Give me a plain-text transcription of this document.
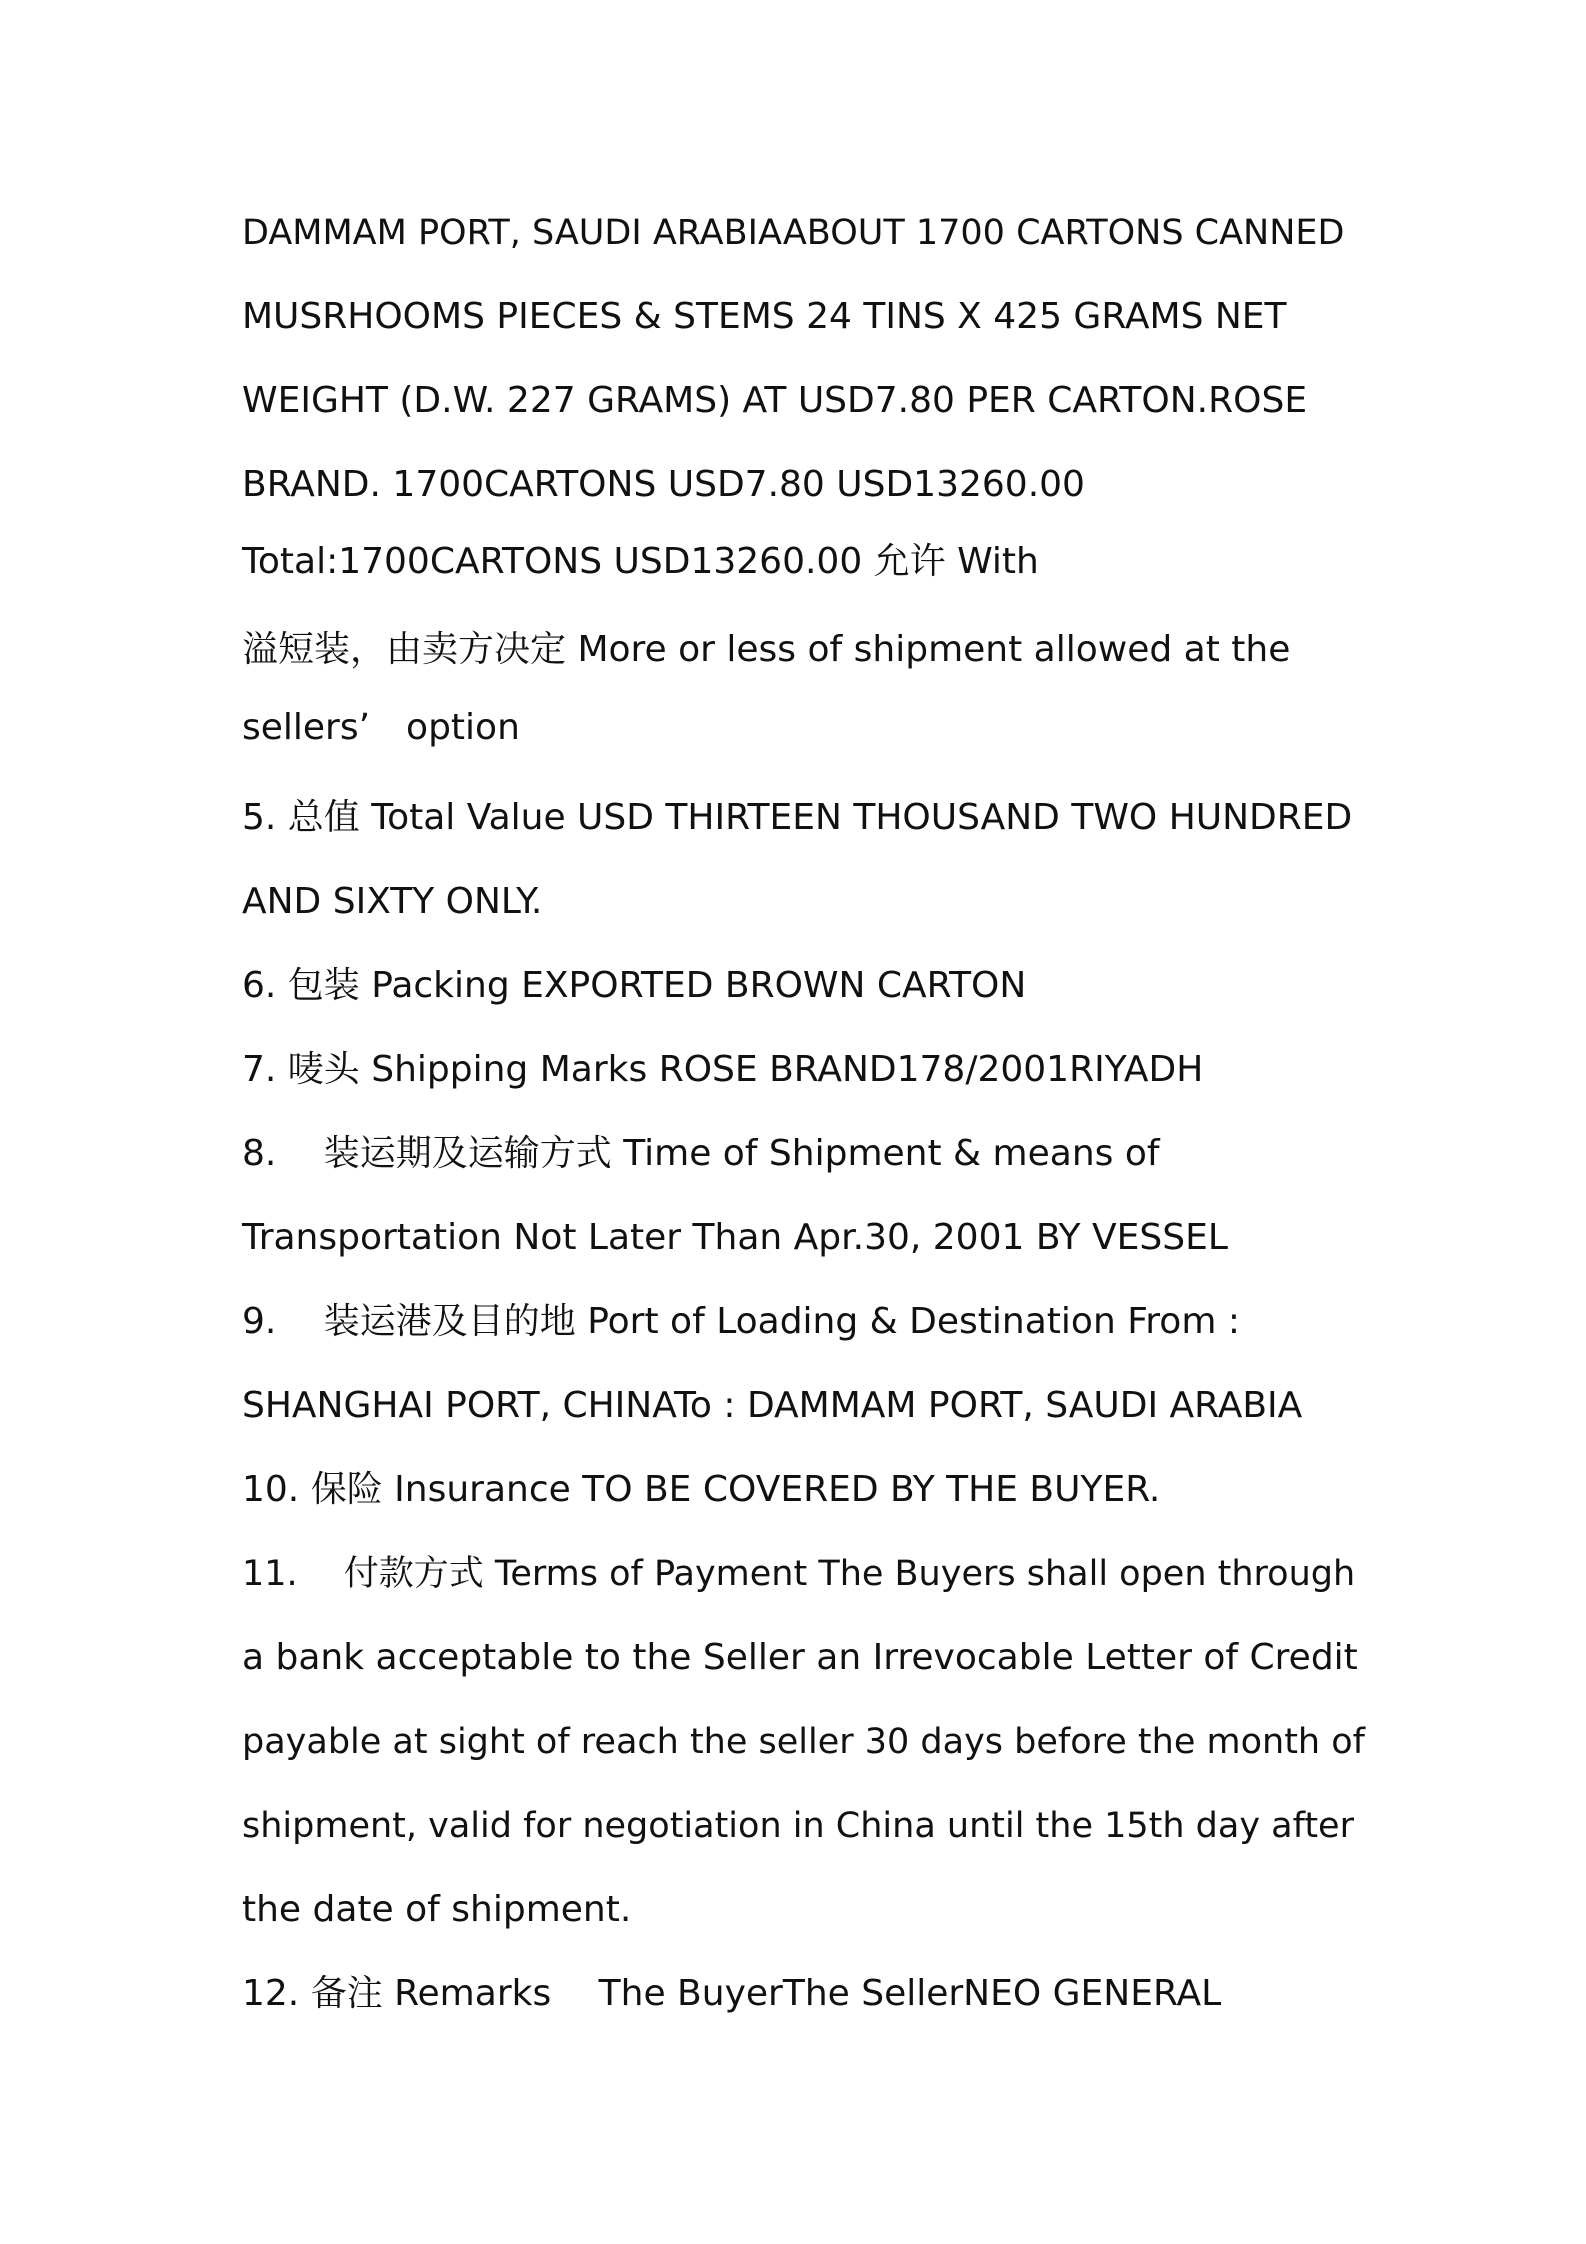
DAMMAM PORT, SAUDI ARABIAABOUT 1700 CARTONS CANNED
MUSRHOOMS PIECES & STEMS 24 TINS X 425 GRAMS NET
WEIGHT (D.W. 227 GRAMS) AT USD7.80 PER CARTON.ROSE
BRAND. 1700CARTONS USD7.80 USD13260.00
Total:1700CARTONS USD13260.00 允许 With
溢短装，由卖方决定 More or less of shipment allowed at the
sellers’　option
5. 总值 Total Value USD THIRTEEN THOUSAND TWO HUNDRED
AND SIXTY ONLY.
6. 包装 Packing EXPORTED BROWN CARTON
7. 唛头 Shipping Marks ROSE BRAND178/2001RIYADH
8.　 装运期及运输方式 Time of Shipment & means of
Transportation Not Later Than Apr.30, 2001 BY VESSEL
9.　 装运港及目的地 Port of Loading & Destination From :
SHANGHAI PORT, CHINATo : DAMMAM PORT, SAUDI ARABIA
10. 保险 Insurance TO BE COVERED BY THE BUYER.
11.　 付款方式 Terms of Payment The Buyers shall open through
a bank acceptable to the Seller an Irrevocable Letter of Credit
payable at sight of reach the seller 30 days before the month of
shipment, valid for negotiation in China until the 15th day after
the date of shipment.
12. 备注 Remarks　 The BuyerThe SellerNEO GENERAL
